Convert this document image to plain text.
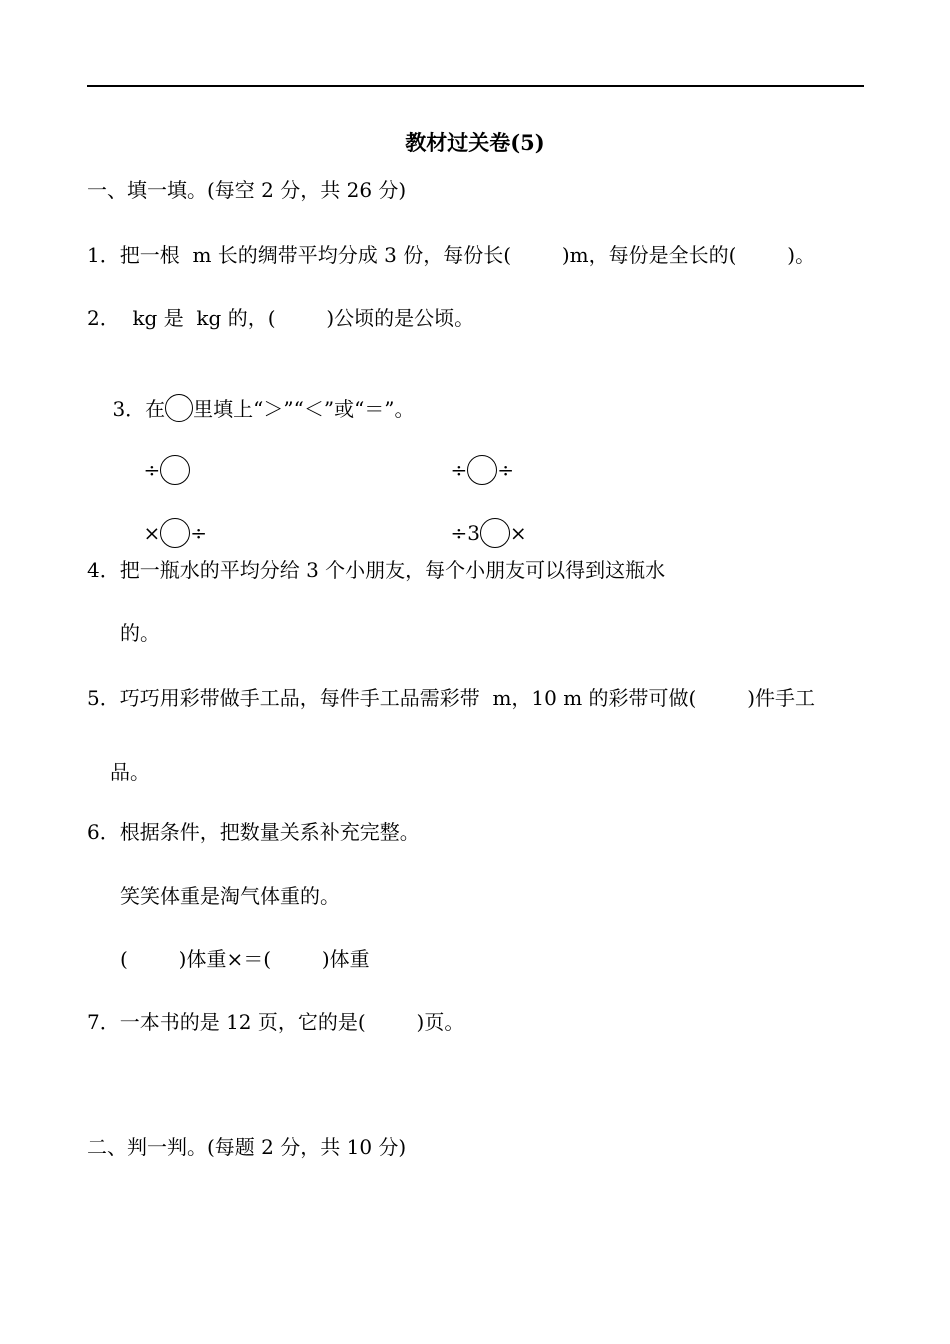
教材过关卷(5)
一、填一填。(每空 2 分，共 26 分)
1．把一根  m 长的绸带平均分成 3 份，每份长(        )m，每份是全长的(        )。
2．  kg 是  kg 的，(        )公顷的是公顷。

3．在 里填上“＞”“＜”或“＝”。

÷
	÷ ÷

× ÷
	÷3 ×

4．把一瓶水的平均分给 3 个小朋友，每个小朋友可以得到这瓶水
的。
5．巧巧用彩带做手工品，每件手工品需彩带  m，10 m 的彩带可做(        )件手工
品。
6．根据条件，把数量关系补充完整。
笑笑体重是淘气体重的。
(        )体重×＝(        )体重
7．一本书的是 12 页，它的是(        )页。
二、判一判。(每题 2 分，共 10 分)
